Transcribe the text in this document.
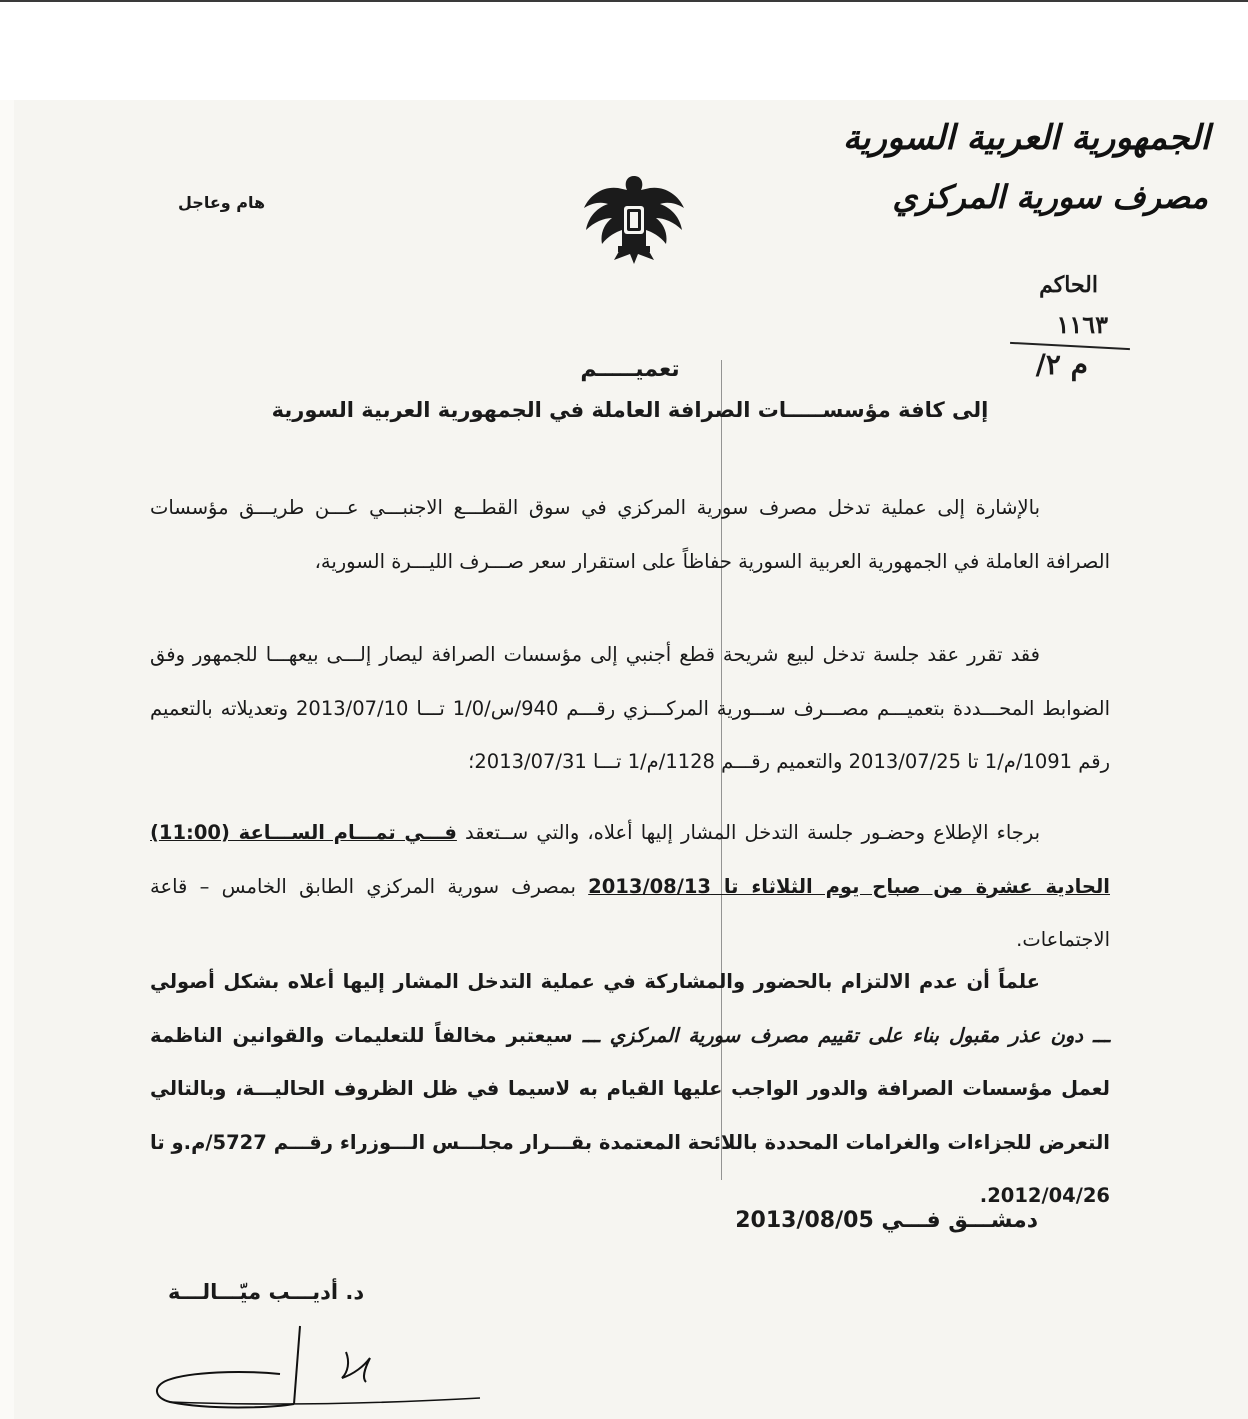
الجمهورية العربية السورية
مصرف سورية المركزي
هام وعاجل
الحاكم
١١٦٣
م ٢/
تعميـــــم
إلى كافة مؤسســـــات الصرافة العاملة في الجمهورية العربية السورية
بالإشارة إلى عملية تدخل مصرف سورية المركزي في سوق القطـــع الاجنبـــي عـــن طريـــق مؤسسات الصرافة العاملة في الجمهورية العربية السورية حفاظاً على استقرار سعر صـــرف الليـــرة السورية،
فقد تقرر عقد جلسة تدخل لبيع شريحة قطع أجنبي إلى مؤسسات الصرافة ليصار إلـــى بيعهـــا للجمهور وفق الضوابط المحـــددة بتعميـــم مصـــرف ســـورية المركـــزي رقـــم 940/س/1/0 تـــا 2013/07/10 وتعديلاته بالتعميم رقم 1091/م/1 تا 2013/07/25 والتعميم رقـــم 1128/م/1 تـــا 2013/07/31؛
برجاء الإطلاع وحضـور جلسة التدخل المشار إليها أعلاه، والتي ســتعقد فـــي تمـــام الســـاعة (11:00) الحادية عشرة من صباح يوم الثلاثاء تا 2013/08/13 بمصرف سورية المركزي الطابق الخامس – قاعة الاجتماعات.
علماً أن عدم الالتزام بالحضور والمشاركة في عملية التدخل المشار إليها أعلاه بشكل أصولي ـــ دون عذر مقبول بناء على تقييم مصرف سورية المركزي ـــ سيعتبر مخالفاً للتعليمات والقوانين الناظمة لعمل مؤسسات الصرافة والدور الواجب عليها القيام به لاسيما في ظل الظروف الحاليـــة، وبالتالي التعرض للجزاءات والغرامات المحددة باللائحة المعتمدة بقـــرار مجلـــس الـــوزراء رقـــم 5727/م.و تا 2012/04/26.
دمشـــق فـــي 2013/08/05
د. أديـــب ميّـــالـــة
